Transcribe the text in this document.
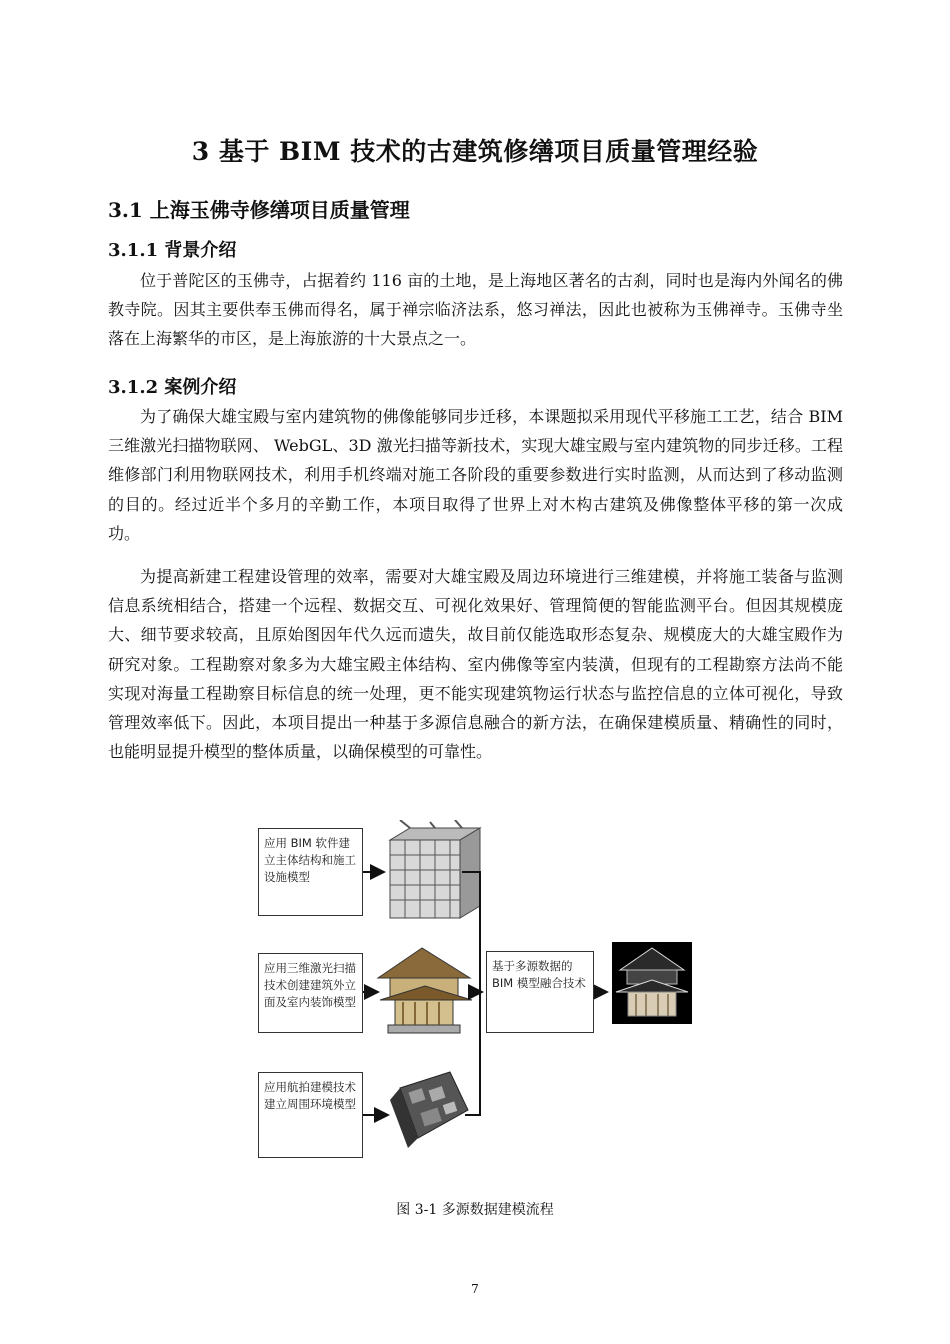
3 基于 BIM 技术的古建筑修缮项目质量管理经验
3.1 上海玉佛寺修缮项目质量管理
3.1.1 背景介绍

位于普陀区的玉佛寺，占据着约 116 亩的土地，是上海地区著名的古刹，同时也是海内外闻名的佛教寺院。因其主要供奉玉佛而得名，属于禅宗临济法系，悠习禅法，因此也被称为玉佛禅寺。玉佛寺坐落在上海繁华的市区，是上海旅游的十大景点之一。

3.1.2 案例介绍

为了确保大雄宝殿与室内建筑物的佛像能够同步迁移，本课题拟采用现代平移施工工艺，结合 BIM 三维激光扫描物联网、 WebGL、3D 激光扫描等新技术，实现大雄宝殿与室内建筑物的同步迁移。工程维修部门利用物联网技术，利用手机终端对施工各阶段的重要参数进行实时监测，从而达到了移动监测的目的。经过近半个多月的辛勤工作，本项目取得了世界上对木构古建筑及佛像整体平移的第一次成功。

为提高新建工程建设管理的效率，需要对大雄宝殿及周边环境进行三维建模，并将施工装备与监测信息系统相结合，搭建一个远程、数据交互、可视化效果好、管理简便的智能监测平台。但因其规模庞大、细节要求较高，且原始图因年代久远而遗失，故目前仅能选取形态复杂、规模庞大的大雄宝殿作为研究对象。工程勘察对象多为大雄宝殿主体结构、室内佛像等室内装潢，但现有的工程勘察方法尚不能实现对海量工程勘察目标信息的统一处理，更不能实现建筑物运行状态与监控信息的立体可视化，导致管理效率低下。因此，本项目提出一种基于多源信息融合的新方法，在确保建模质量、精确性的同时，也能明显提升模型的整体质量，以确保模型的可靠性。

应用 BIM 软件建立主体结构和施工设施模型
应用三维激光扫描技术创建建筑外立面及室内装饰模型
应用航拍建模技术建立周围环境模型
基于多源数据的 BIM 模型融合技术
图 3-1 多源数据建模流程
7
